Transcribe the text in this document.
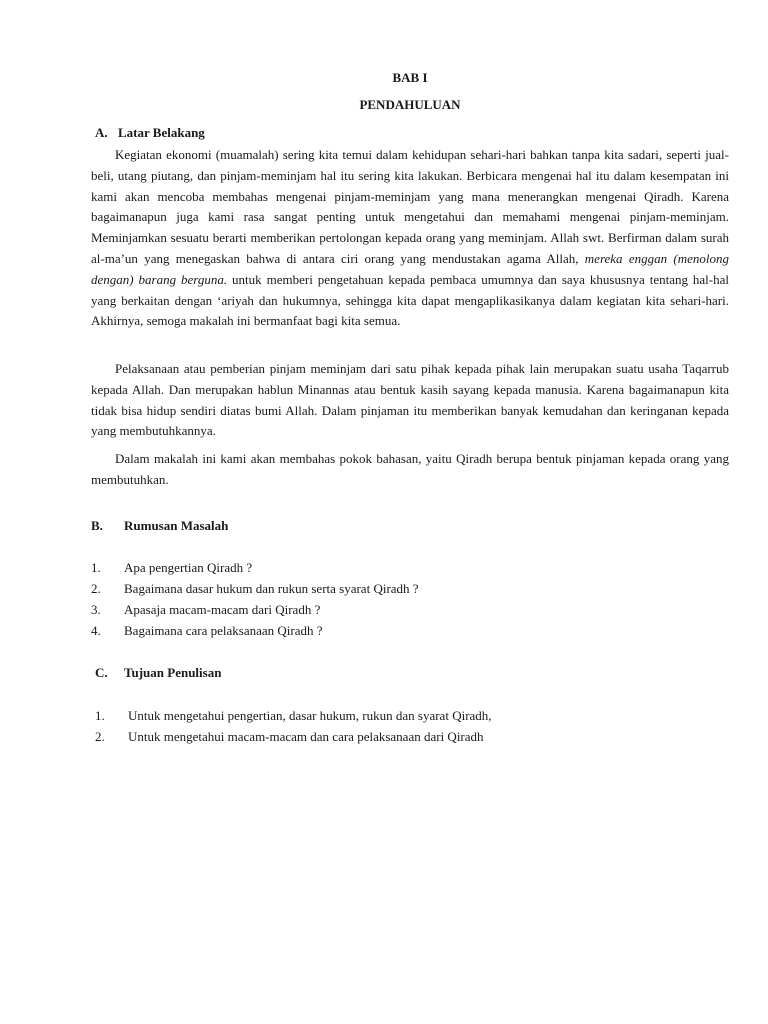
BAB I
PENDAHULUAN
A. Latar Belakang
Kegiatan ekonomi (muamalah) sering kita temui dalam kehidupan sehari-hari bahkan tanpa kita sadari, seperti jual-beli, utang piutang, dan pinjam-meminjam hal itu sering kita lakukan. Berbicara mengenai hal itu dalam kesempatan ini kami akan mencoba membahas mengenai pinjam-meminjam yang mana menerangkan mengenai Qiradh. Karena bagaimanapun juga kami rasa sangat penting untuk mengetahui dan memahami mengenai pinjam-meminjam. Meminjamkan sesuatu berarti memberikan pertolongan kepada orang yang meminjam. Allah swt. Berfirman dalam surah al-ma’un yang menegaskan bahwa di antara ciri orang yang mendustakan agama Allah, mereka enggan (menolong dengan) barang berguna. untuk memberi pengetahuan kepada pembaca umumnya dan saya khususnya tentang hal-hal yang berkaitan dengan ‘ariyah dan hukumnya, sehingga kita dapat mengaplikasikanya dalam kegiatan kita sehari-hari. Akhirnya, semoga makalah ini bermanfaat bagi kita semua.
Pelaksanaan atau pemberian pinjam meminjam dari satu pihak kepada pihak lain merupakan suatu usaha Taqarrub kepada Allah. Dan merupakan hablun Minannas atau bentuk kasih sayang kepada manusia. Karena bagaimanapun kita tidak bisa hidup sendiri diatas bumi Allah. Dalam pinjaman itu memberikan banyak kemudahan dan keringanan kepada yang membutuhkannya.
Dalam makalah ini kami akan membahas pokok bahasan, yaitu Qiradh berupa bentuk pinjaman kepada orang yang membutuhkan.
B. Rumusan Masalah
1. Apa pengertian Qiradh ?
2. Bagaimana dasar hukum dan rukun serta syarat Qiradh ?
3. Apasaja macam-macam dari Qiradh ?
4. Bagaimana cara pelaksanaan Qiradh ?
C. Tujuan Penulisan
1. Untuk mengetahui pengertian, dasar hukum, rukun dan syarat Qiradh,
2. Untuk mengetahui macam-macam dan cara pelaksanaan dari Qiradh
